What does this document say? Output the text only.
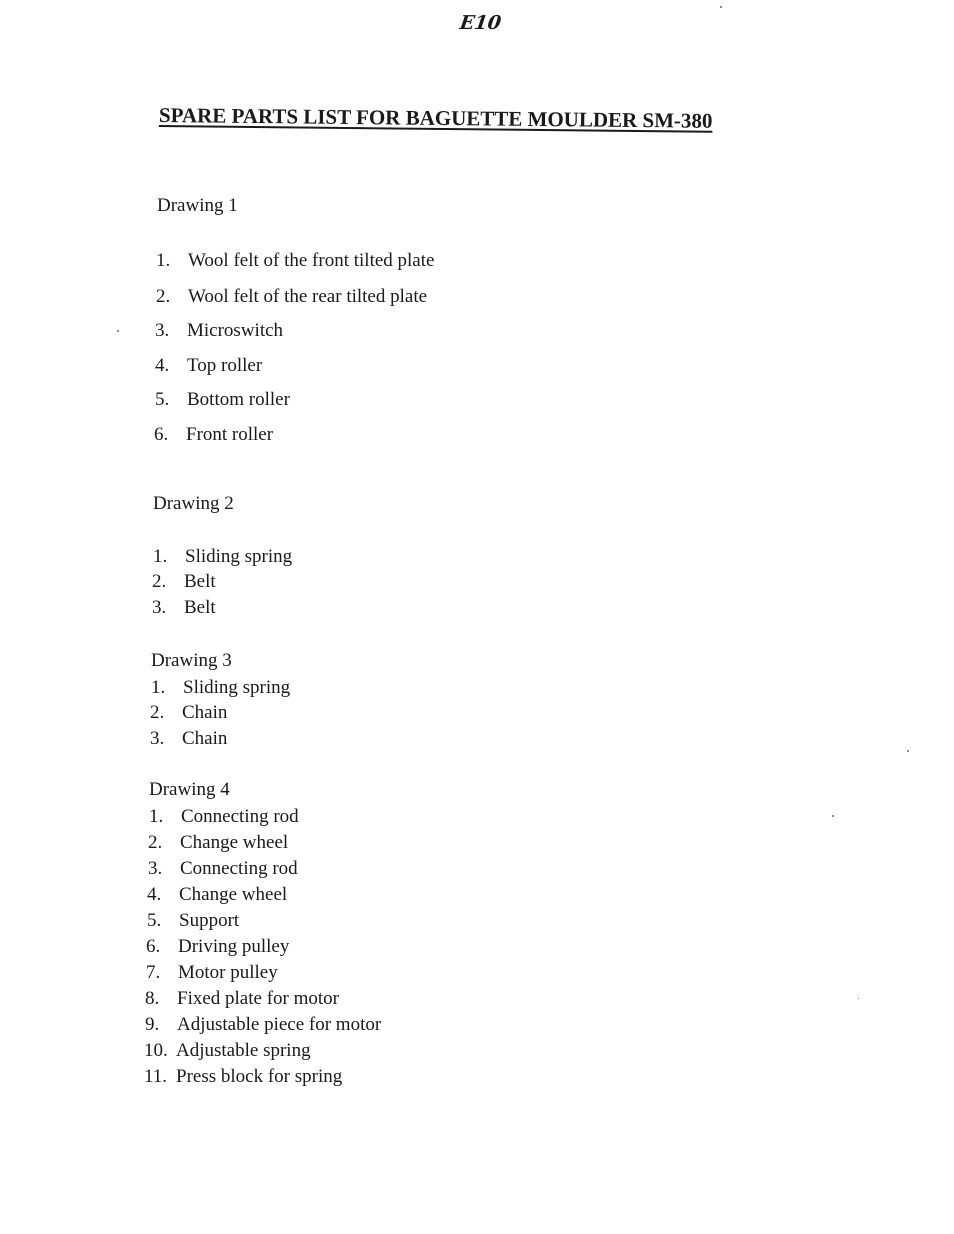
E10
SPARE PARTS LIST FOR BAGUETTE MOULDER SM-380
Drawing 1
1. Wool felt of the front tilted plate
2. Wool felt of the rear tilted plate
3. Microswitch
4. Top roller
5. Bottom roller
6. Front roller
Drawing 2
1. Sliding spring
2. Belt
3. Belt
Drawing 3
1. Sliding spring
2. Chain
3. Chain
Drawing 4
1. Connecting rod
2. Change wheel
3. Connecting rod
4. Change wheel
5. Support
6. Driving pulley
7. Motor pulley
8. Fixed plate for motor
9. Adjustable piece for motor
10. Adjustable spring
11. Press block for spring
